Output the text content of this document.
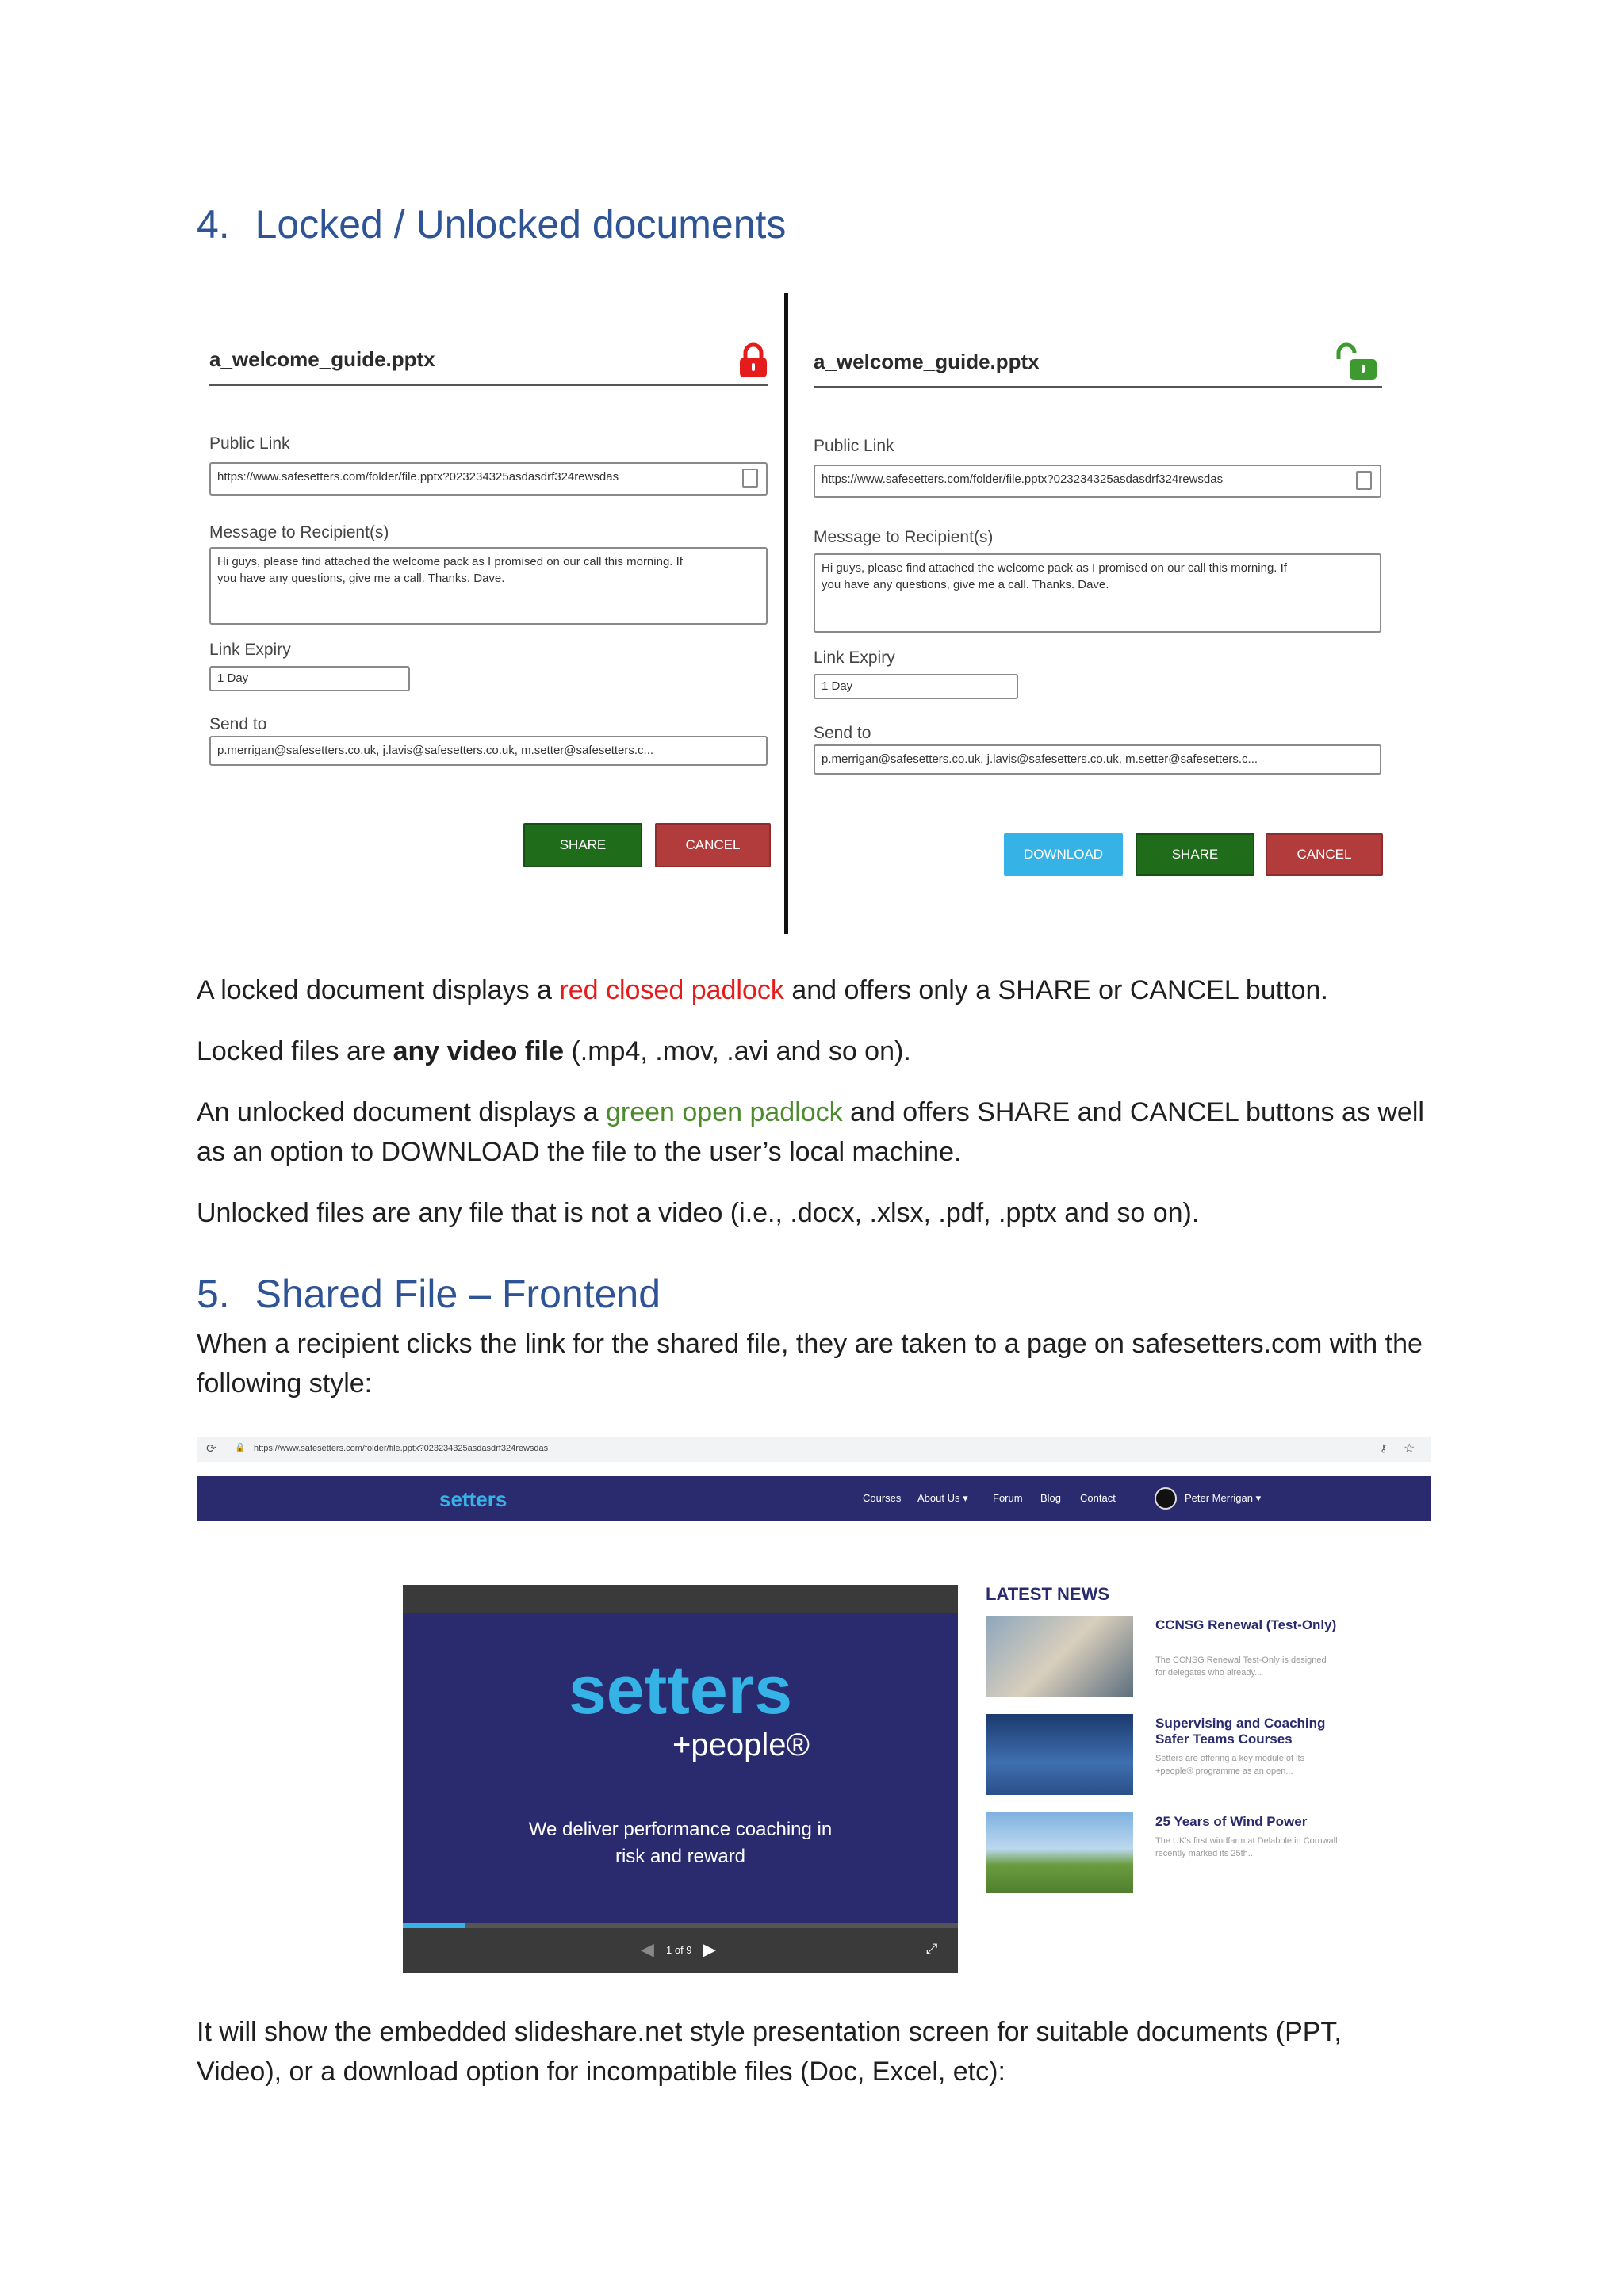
4. Locked / Unlocked documents
a_welcome_guide.pptx
Public Link
https://www.safesetters.com/folder/file.pptx?023234325asdasdrf324rewsdas
Message to Recipient(s)
Hi guys, please find attached the welcome pack as I promised on our call this morning. If you have any questions, give me a call. Thanks. Dave.
Link Expiry
1 Day
Send to
p.merrigan@safesetters.co.uk, j.lavis@safesetters.co.uk, m.setter@safesetters.c...
SHARE	CANCEL
a_welcome_guide.pptx
Public Link
https://www.safesetters.com/folder/file.pptx?023234325asdasdrf324rewsdas
Message to Recipient(s)
Hi guys, please find attached the welcome pack as I promised on our call this morning. If you have any questions, give me a call. Thanks. Dave.
Link Expiry
1 Day
Send to
p.merrigan@safesetters.co.uk, j.lavis@safesetters.co.uk, m.setter@safesetters.c...
DOWNLOAD	SHARE	CANCEL

A locked document displays a red closed padlock and offers only a SHARE or CANCEL button.

Locked files are any video file (.mp4, .mov, .avi and so on).

An unlocked document displays a green open padlock and offers SHARE and CANCEL buttons as well as an option to DOWNLOAD the file to the user’s local machine.

Unlocked files are any file that is not a video (i.e., .docx, .xlsx, .pdf, .pptx and so on).

5. Shared File – Frontend

When a recipient clicks the link for the shared file, they are taken to a page on safesetters.com with the following style:

⟳ 🔒 https://www.safesetters.com/folder/file.pptx?023234325asdasdrf324rewsdas	⚷ ☆
setters	Courses About Us ▾ Forum Blog Contact	Peter Merrigan ▾
setters
+people®
We deliver performance coaching in
risk and reward
◀ 1 of 9 ▶	⤢
LATEST NEWS
CCNSG Renewal (Test-Only)
The CCNSG Renewal Test-Only is designed for delegates who already...
Supervising and Coaching Safer Teams Courses
Setters are offering a key module of its +people® programme as an open...
25 Years of Wind Power
The UK's first windfarm at Delabole in Cornwall recently marked its 25th...

It will show the embedded slideshare.net style presentation screen for suitable documents (PPT, Video), or a download option for incompatible files (Doc, Excel, etc):
